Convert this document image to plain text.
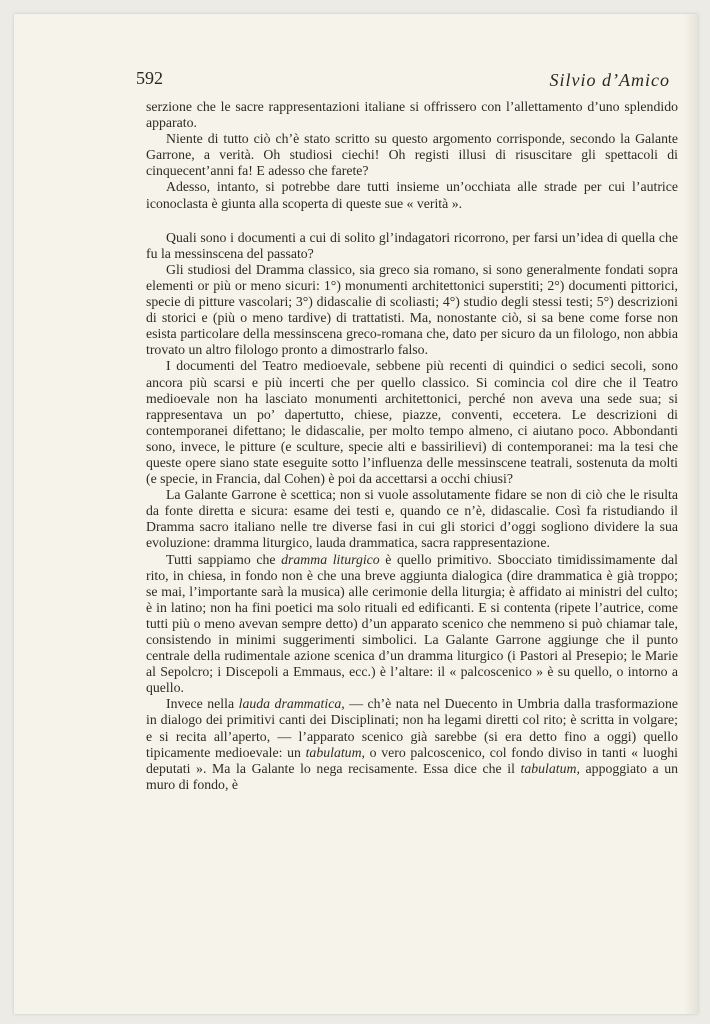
592	Silvio d’Amico

serzione che le sacre rappresentazioni italiane si offrissero con l’allettamento d’uno splendido apparato.

Niente di tutto ciò ch’è stato scritto su questo argomento corrisponde, secondo la Galante Garrone, a verità. Oh studiosi ciechi! Oh registi illusi di risuscitare gli spettacoli di cinquecent’anni fa! E adesso che farete?

Adesso, intanto, si potrebbe dare tutti insieme un’occhiata alle strade per cui l’autrice iconoclasta è giunta alla scoperta di queste sue « verità ».

Quali sono i documenti a cui di solito gl’indagatori ricorrono, per farsi un’idea di quella che fu la messinscena del passato?

Gli studiosi del Dramma classico, sia greco sia romano, si sono generalmente fondati sopra elementi or più or meno sicuri: 1°) monumenti architettonici superstiti; 2°) documenti pittorici, specie di pitture vascolari; 3°) didascalie di scoliasti; 4°) studio degli stessi testi; 5°) descrizioni di storici e (più o meno tardive) di trattatisti. Ma, nonostante ciò, si sa bene come forse non esista particolare della messinscena greco-romana che, dato per sicuro da un filologo, non abbia trovato un altro filologo pronto a dimostrarlo falso.

I documenti del Teatro medioevale, sebbene più recenti di quindici o sedici secoli, sono ancora più scarsi e più incerti che per quello classico. Si comincia col dire che il Teatro medioevale non ha lasciato monumenti architettonici, perché non aveva una sede sua; si rappresentava un po’ dapertutto, chiese, piazze, conventi, eccetera. Le descrizioni di contemporanei difettano; le didascalie, per molto tempo almeno, ci aiutano poco. Abbondanti sono, invece, le pitture (e sculture, specie alti e bassirilievi) di contemporanei: ma la tesi che queste opere siano state eseguite sotto l’influenza delle messinscene teatrali, sostenuta da molti (e specie, in Francia, dal Cohen) è poi da accettarsi a occhi chiusi?

La Galante Garrone è scettica; non si vuole assolutamente fidare se non di ciò che le risulta da fonte diretta e sicura: esame dei testi e, quando ce n’è, didascalie. Così fa ristudiando il Dramma sacro italiano nelle tre diverse fasi in cui gli storici d’oggi sogliono dividere la sua evoluzione: dramma liturgico, lauda drammatica, sacra rappresentazione.

Tutti sappiamo che dramma liturgico è quello primitivo. Sbocciato timidissimamente dal rito, in chiesa, in fondo non è che una breve aggiunta dialogica (dire drammatica è già troppo; se mai, l’importante sarà la musica) alle cerimonie della liturgia; è affidato ai ministri del culto; è in latino; non ha fini poetici ma solo rituali ed edificanti. E si contenta (ripete l’autrice, come tutti più o meno avevan sempre detto) d’un apparato scenico che nemmeno si può chiamar tale, consistendo in minimi suggerimenti simbolici. La Galante Garrone aggiunge che il punto centrale della rudimentale azione scenica d’un dramma liturgico (i Pastori al Presepio; le Marie al Sepolcro; i Discepoli a Emmaus, ecc.) è l’altare: il « palcoscenico » è su quello, o intorno a quello.

Invece nella lauda drammatica, — ch’è nata nel Duecento in Umbria dalla trasformazione in dialogo dei primitivi canti dei Disciplinati; non ha legami diretti col rito; è scritta in volgare; e si recita all’aperto, — l’apparato scenico già sarebbe (si era detto fino a oggi) quello tipicamente medioevale: un tabulatum, o vero palcoscenico, col fondo diviso in tanti « luoghi deputati ». Ma la Galante lo nega recisamente. Essa dice che il tabulatum, appoggiato a un muro di fondo, è
